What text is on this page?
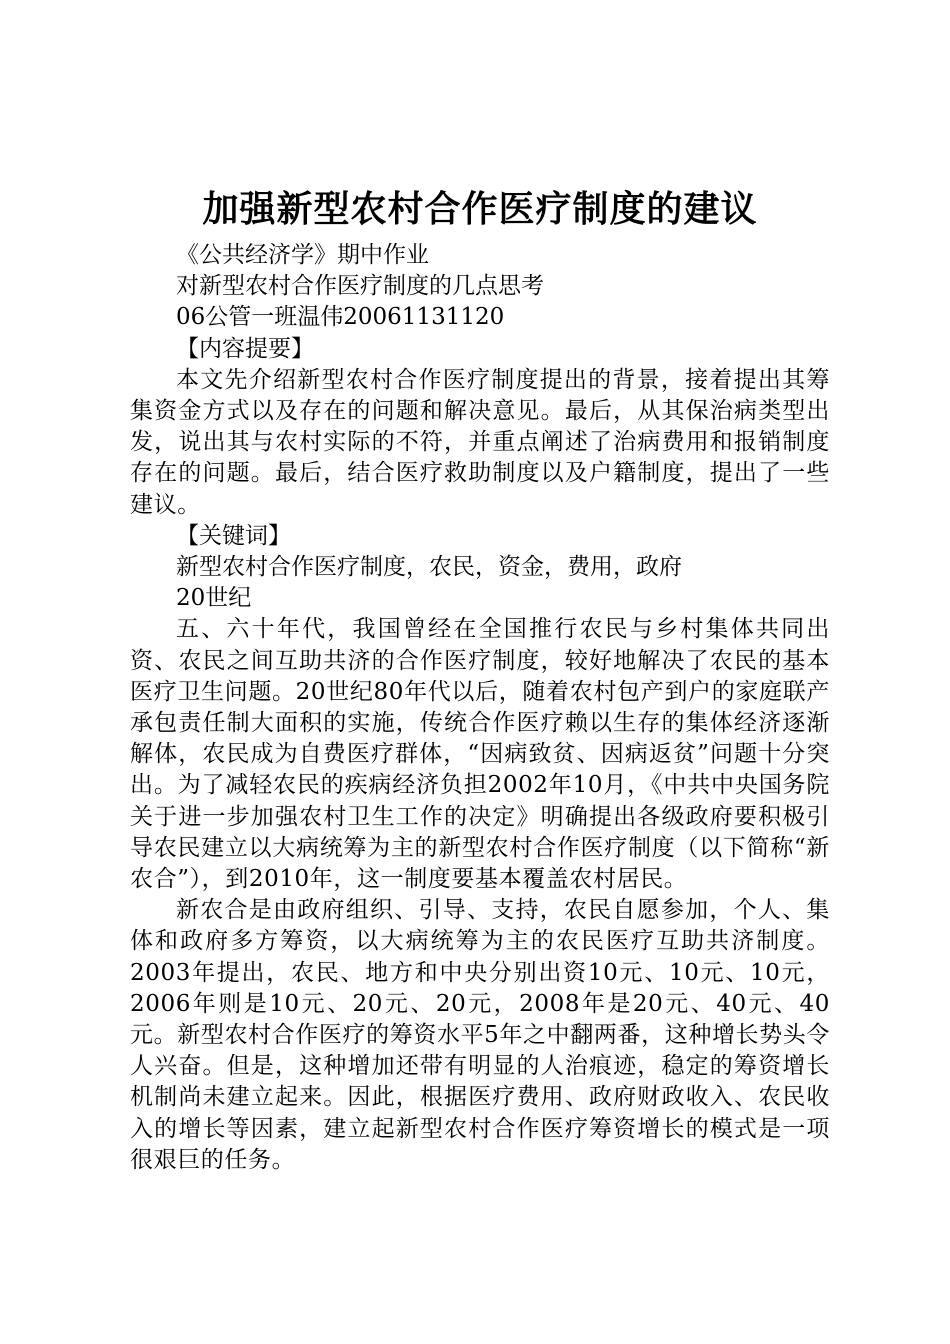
加强新型农村合作医疗制度的建议

《公共经济学》期中作业

对新型农村合作医疗制度的几点思考

06公管一班温伟20061131120

【内容提要】

本文先介绍新型农村合作医疗制度提出的背景，接着提出其筹集资金方式以及存在的问题和解决意见。最后，从其保治病类型出发，说出其与农村实际的不符，并重点阐述了治病费用和报销制度存在的问题。最后，结合医疗救助制度以及户籍制度，提出了一些建议。

【关键词】

新型农村合作医疗制度，农民，资金，费用，政府

20世纪

五、六十年代，我国曾经在全国推行农民与乡村集体共同出资、农民之间互助共济的合作医疗制度，较好地解决了农民的基本医疗卫生问题。20世纪80年代以后，随着农村包产到户的家庭联产承包责任制大面积的实施，传统合作医疗赖以生存的集体经济逐渐解体，农民成为自费医疗群体，“因病致贫、因病返贫”问题十分突出。为了减轻农民的疾病经济负担2002年10月，《中共中央国务院关于进一步加强农村卫生工作的决定》明确提出各级政府要积极引导农民建立以大病统筹为主的新型农村合作医疗制度（以下简称“新农合”），到2010年，这一制度要基本覆盖农村居民。

新农合是由政府组织、引导、支持，农民自愿参加，个人、集体和政府多方筹资，以大病统筹为主的农民医疗互助共济制度。2003年提出，农民、地方和中央分别出资10元、10元、10元，2006年则是10元、20元、20元，2008年是20元、40元、40元。新型农村合作医疗的筹资水平5年之中翻两番，这种增长势头令人兴奋。但是，这种增加还带有明显的人治痕迹，稳定的筹资增长机制尚未建立起来。因此，根据医疗费用、政府财政收入、农民收入的增长等因素，建立起新型农村合作医疗筹资增长的模式是一项很艰巨的任务。
